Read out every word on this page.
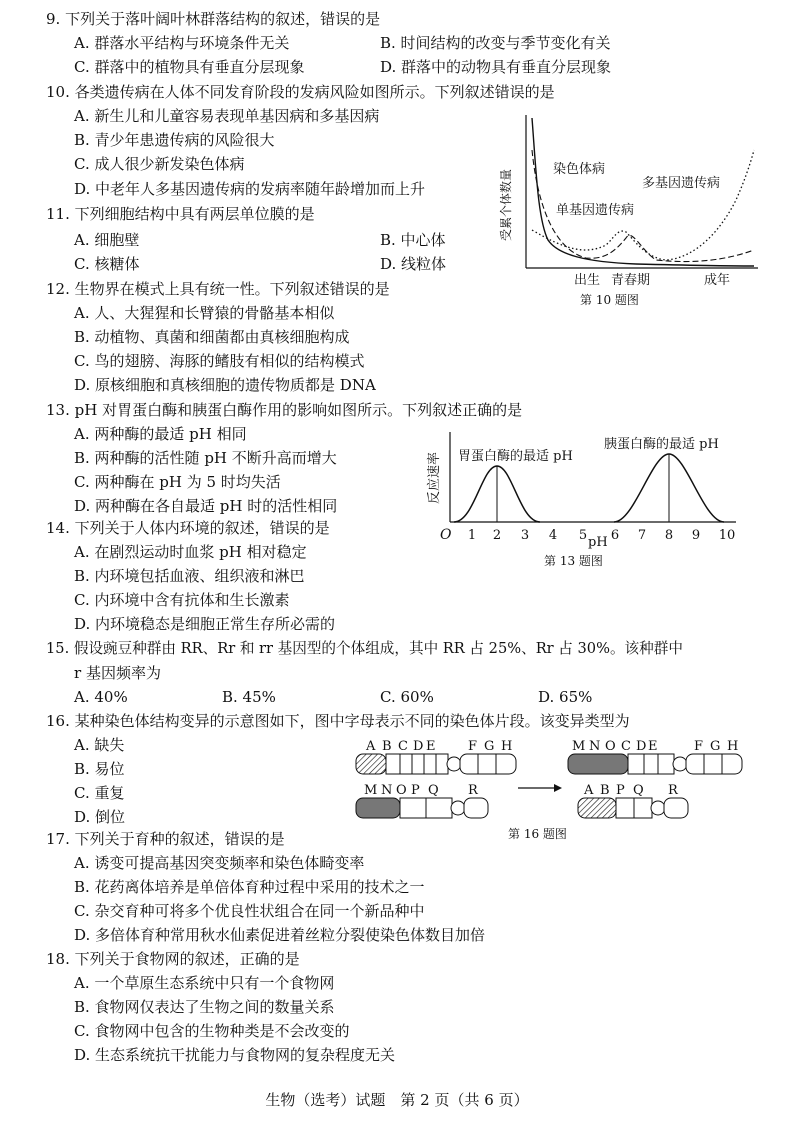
9. 下列关于落叶阔叶林群落结构的叙述，错误的是
A. 群落水平结构与环境条件无关	B. 时间结构的改变与季节变化有关
C. 群落中的植物具有垂直分层现象	D. 群落中的动物具有垂直分层现象
10. 各类遗传病在人体不同发育阶段的发病风险如图所示。下列叙述错误的是
A. 新生儿和儿童容易表现单基因病和多基因病
B. 青少年患遗传病的风险很大
C. 成人很少新发染色体病
D. 中老年人多基因遗传病的发病率随年龄增加而上升	受累个体数量	染色体病
多基因遗传病
单基因遗传病
出生 青春期	成年
第 10 题图
11. 下列细胞结构中具有两层单位膜的是
A. 细胞壁	B. 中心体
C. 核糖体	D. 线粒体
12. 生物界在模式上具有统一性。下列叙述错误的是
A. 人、大猩猩和长臂猿的骨骼基本相似
B. 动植物、真菌和细菌都由真核细胞构成
C. 鸟的翅膀、海豚的鳍肢有相似的结构模式
D. 原核细胞和真核细胞的遗传物质都是 DNA
13. pH 对胃蛋白酶和胰蛋白酶作用的影响如图所示。下列叙述正确的是
A. 两种酶的最适 pH 相同
B. 两种酶的活性随 pH 不断升高而增大
C. 两种酶在 pH 为 5 时均失活
D. 两种酶在各自最适 pH 时的活性相同
反应速率
O
胃蛋白酶的最适 pH
胰蛋白酶的最适 pH
1 2 3 4 5 6 7 8 9 10
pH
第 13 题图
14. 下列关于人体内环境的叙述，错误的是
A. 在剧烈运动时血浆 pH 相对稳定
B. 内环境包括血液、组织液和淋巴
C. 内环境中含有抗体和生长激素
D. 内环境稳态是细胞正常生存所必需的
15. 假设豌豆种群由 RR、Rr 和 rr 基因型的个体组成，其中 RR 占 25%、Rr 占 30%。该种群中
r 基因频率为
A. 40%	B. 45%	C. 60%	D. 65%
16. 某种染色体结构变异的示意图如下，图中字母表示不同的染色体片段。该变异类型为
A. 缺失
B. 易位
C. 重复
D. 倒位
A B C D E	F G H
M N O P Q R
M N O C D E	F G H
A B P Q R
第 16 题图
17. 下列关于育种的叙述，错误的是
A. 诱变可提高基因突变频率和染色体畸变率
B. 花药离体培养是单倍体育种过程中采用的技术之一
C. 杂交育种可将多个优良性状组合在同一个新品种中
D. 多倍体育种常用秋水仙素促进着丝粒分裂使染色体数目加倍
18. 下列关于食物网的叙述，正确的是
A. 一个草原生态系统中只有一个食物网
B. 食物网仅表达了生物之间的数量关系
C. 食物网中包含的生物种类是不会改变的
D. 生态系统抗干扰能力与食物网的复杂程度无关
生物（选考）试题　第 2 页（共 6 页）
